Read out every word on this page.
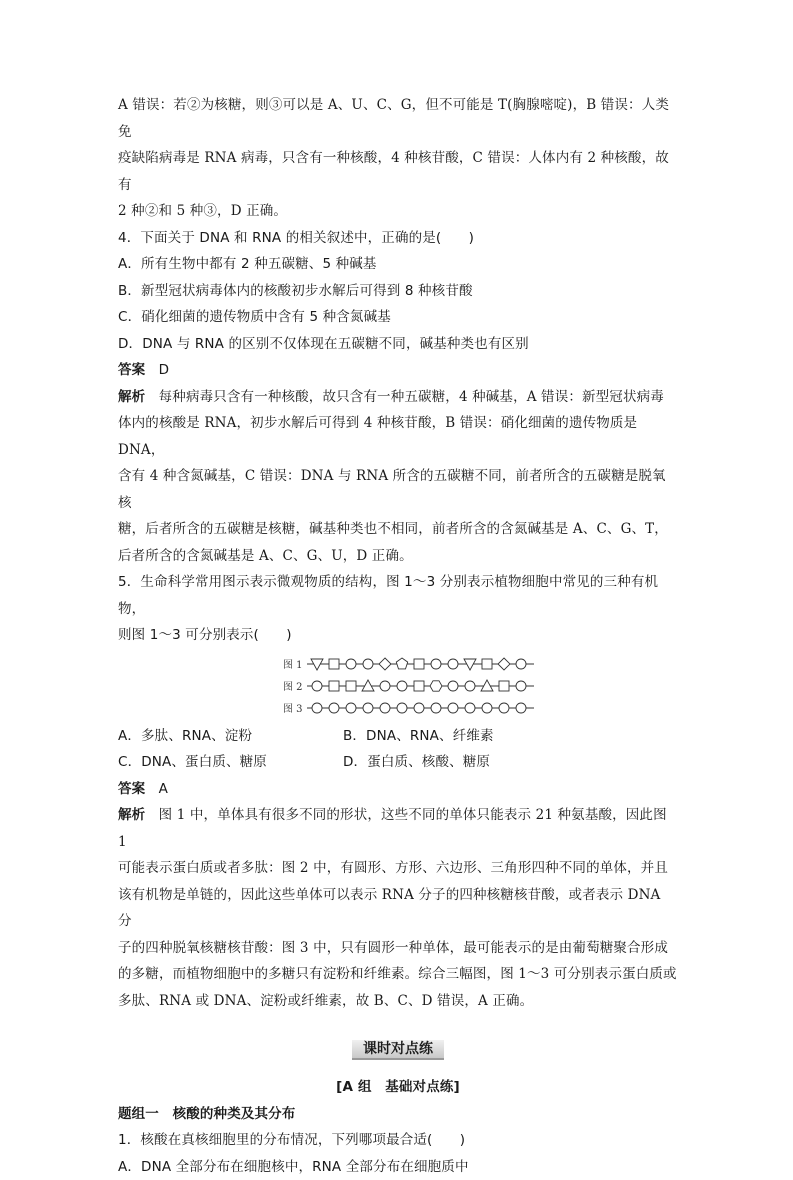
A 错误：若②为核糖，则③可以是 A、U、C、G，但不可能是 T(胸腺嘧啶)，B 错误：人类免

疫缺陷病毒是 RNA 病毒，只含有一种核酸，4 种核苷酸，C 错误：人体内有 2 种核酸，故有

2 种②和 5 种③，D 正确。

4．下面关于 DNA 和 RNA 的相关叙述中，正确的是(　　)

A．所有生物中都有 2 种五碳糖、5 种碱基

B．新型冠状病毒体内的核酸初步水解后可得到 8 种核苷酸

C．硝化细菌的遗传物质中含有 5 种含氮碱基

D．DNA 与 RNA 的区别不仅体现在五碳糖不同，碱基种类也有区别

答案 D

解析 每种病毒只含有一种核酸，故只含有一种五碳糖，4 种碱基，A 错误：新型冠状病毒

体内的核酸是 RNA，初步水解后可得到 4 种核苷酸，B 错误：硝化细菌的遗传物质是 DNA，

含有 4 种含氮碱基，C 错误：DNA 与 RNA 所含的五碳糖不同，前者所含的五碳糖是脱氧核

糖，后者所含的五碳糖是核糖，碱基种类也不相同，前者所含的含氮碱基是 A、C、G、T，

后者所含的含氮碱基是 A、C、G、U，D 正确。

5．生命科学常用图示表示微观物质的结构，图 1～3 分别表示植物细胞中常见的三种有机物，

则图 1～3 可分别表示(　　)

图 1
图 2
图 3
A．多肽、RNA、淀粉	B．DNA、RNA、纤维素
C．DNA、蛋白质、糖原	D．蛋白质、核酸、糖原

答案 A

解析 图 1 中，单体具有很多不同的形状，这些不同的单体只能表示 21 种氨基酸，因此图 1

可能表示蛋白质或者多肽：图 2 中，有圆形、方形、六边形、三角形四种不同的单体，并且

该有机物是单链的，因此这些单体可以表示 RNA 分子的四种核糖核苷酸，或者表示 DNA 分

子的四种脱氧核糖核苷酸：图 3 中，只有圆形一种单体，最可能表示的是由葡萄糖聚合形成

的多糖，而植物细胞中的多糖只有淀粉和纤维素。综合三幅图，图 1～3 可分别表示蛋白质或

多肽、RNA 或 DNA、淀粉或纤维素，故 B、C、D 错误，A 正确。

课时对点练

[A 组　基础对点练]

题组一　核酸的种类及其分布

1．核酸在真核细胞里的分布情况，下列哪项最合适(　　)

A．DNA 全部分布在细胞核中，RNA 全部分布在细胞质中
